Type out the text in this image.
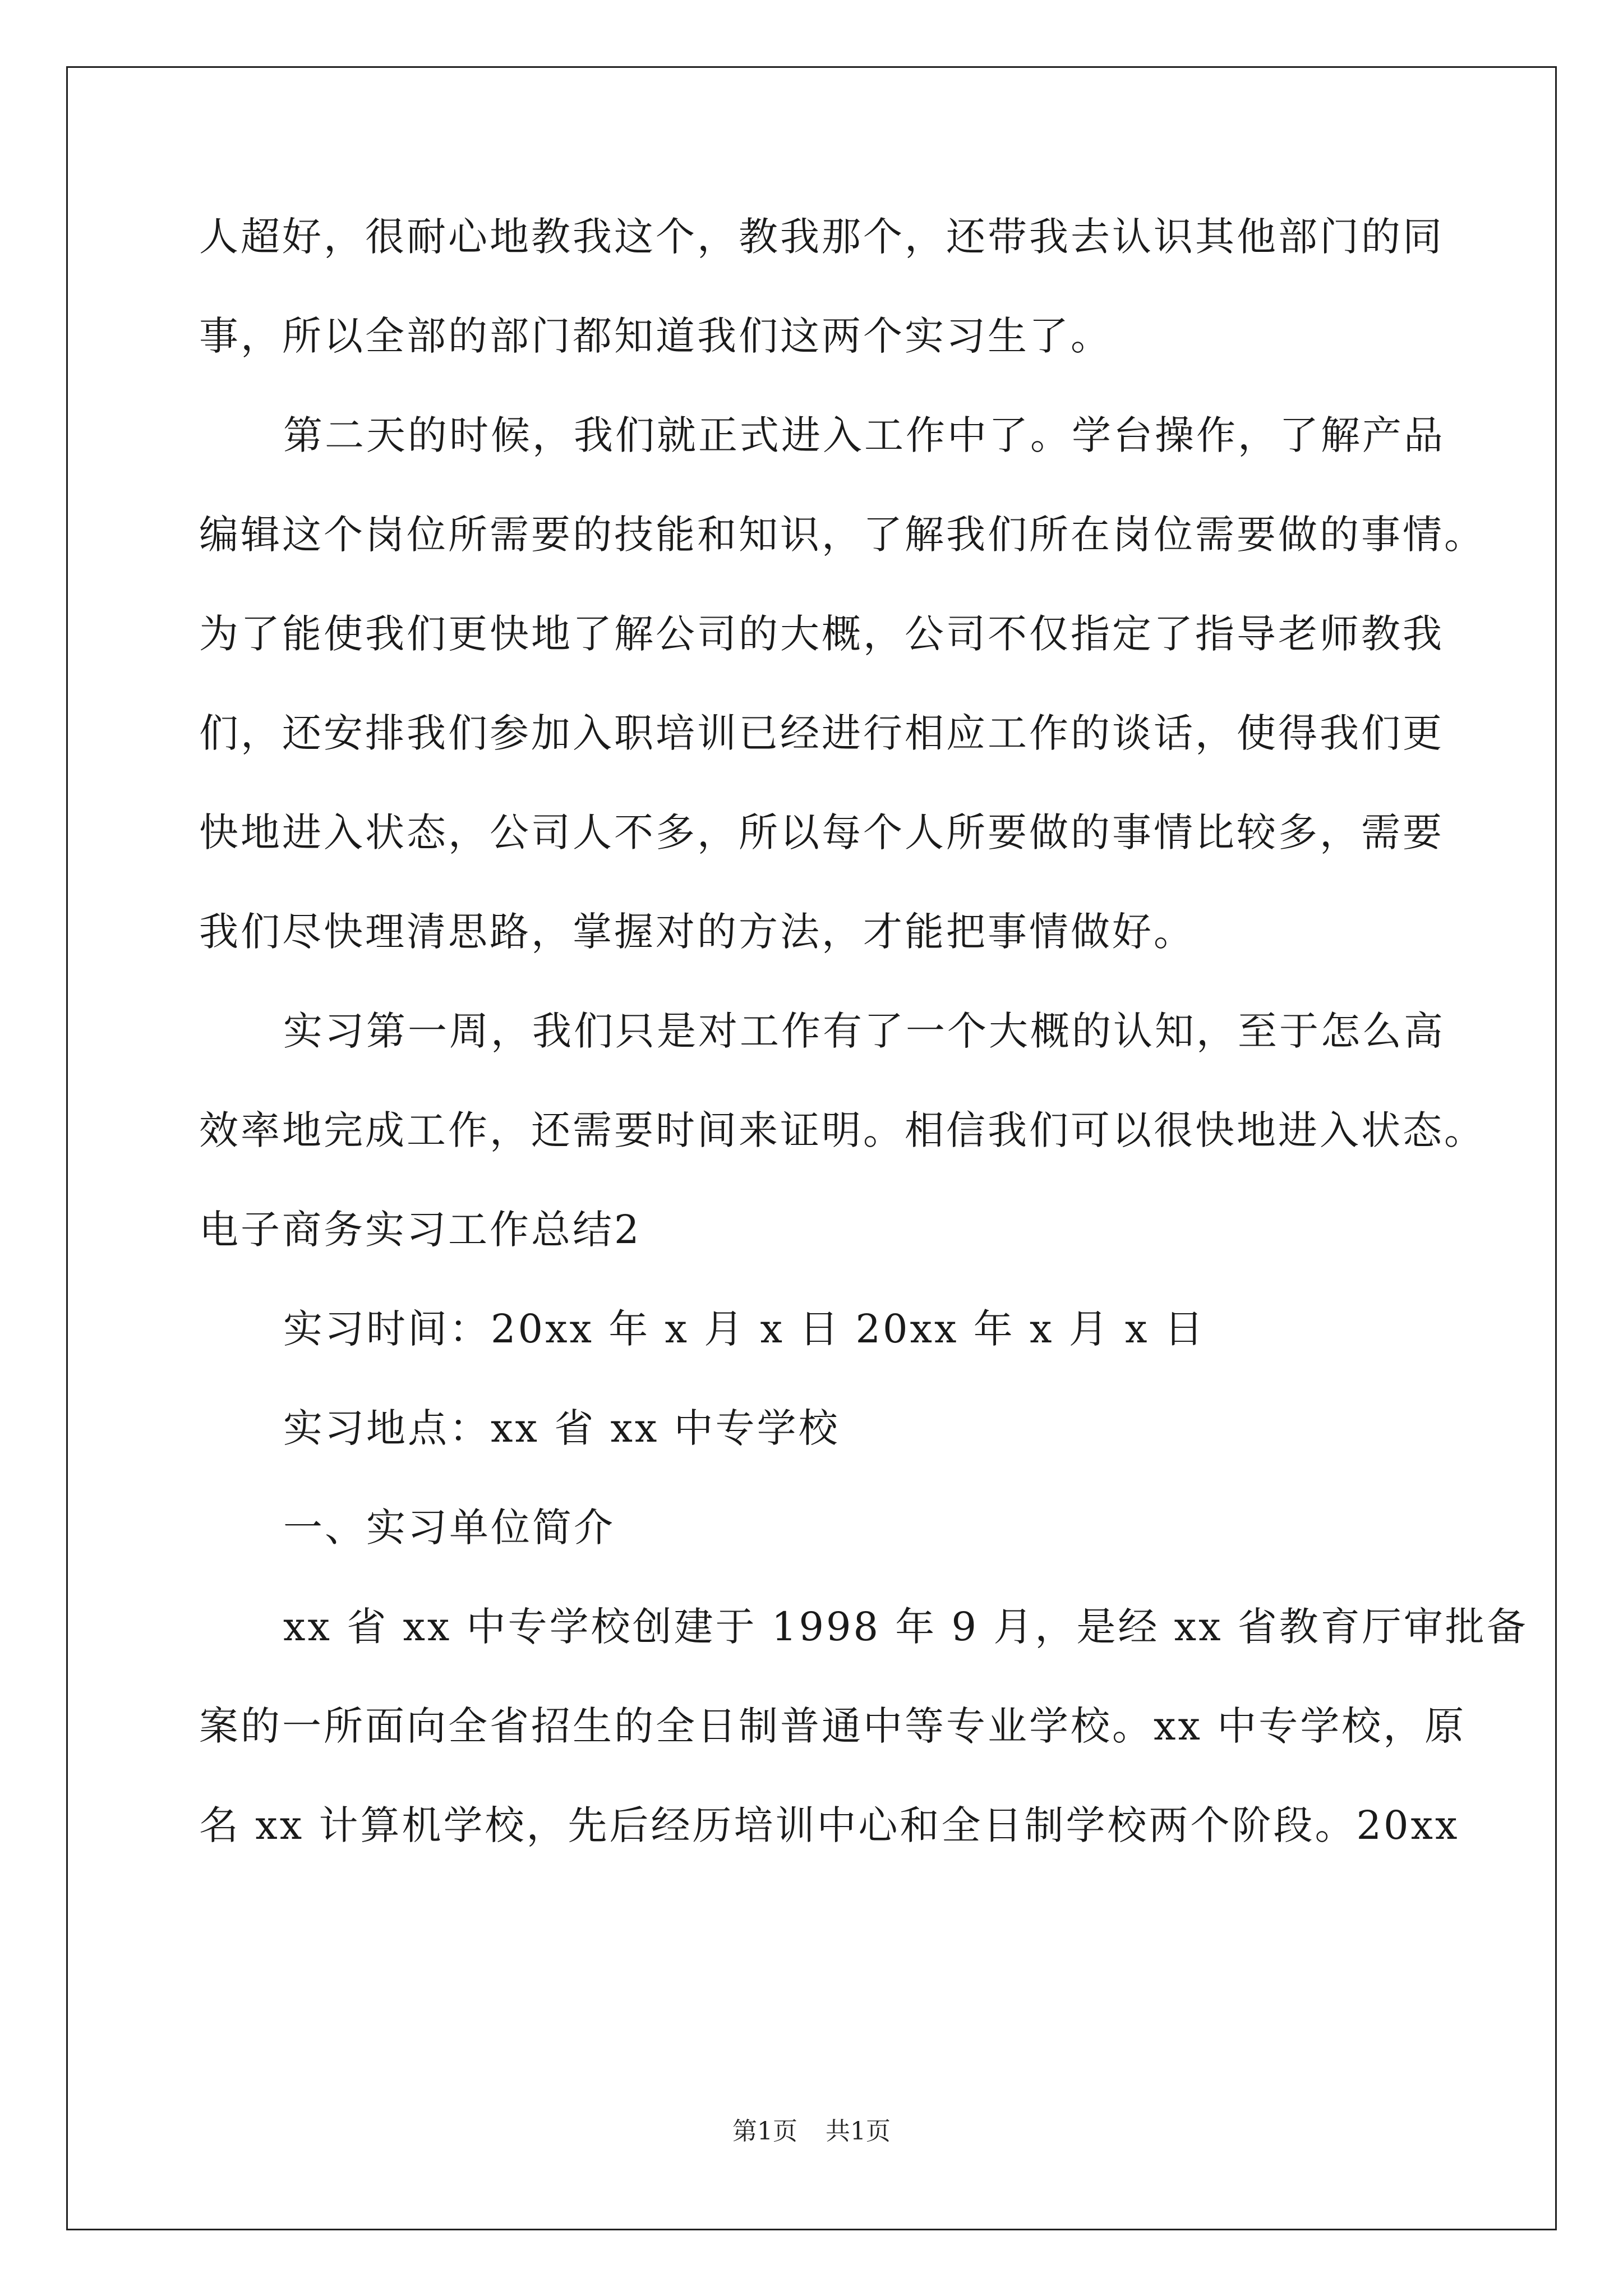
人超好，很耐心地教我这个，教我那个，还带我去认识其他部门的同
事，所以全部的部门都知道我们这两个实习生了。
第二天的时候，我们就正式进入工作中了。学台操作，了解产品
编辑这个岗位所需要的技能和知识，了解我们所在岗位需要做的事情。
为了能使我们更快地了解公司的大概，公司不仅指定了指导老师教我
们，还安排我们参加入职培训已经进行相应工作的谈话，使得我们更
快地进入状态，公司人不多，所以每个人所要做的事情比较多，需要
我们尽快理清思路，掌握对的方法，才能把事情做好。
实习第一周，我们只是对工作有了一个大概的认知，至于怎么高
效率地完成工作，还需要时间来证明。相信我们可以很快地进入状态。
电子商务实习工作总结2
实习时间：20xx 年 x 月 x 日 20xx 年 x 月 x 日
实习地点：xx 省 xx 中专学校
一、实习单位简介
xx 省 xx 中专学校创建于 1998 年 9 月，是经 xx 省教育厅审批备
案的一所面向全省招生的全日制普通中等专业学校。xx 中专学校，原
名 xx 计算机学校，先后经历培训中心和全日制学校两个阶段。20xx
第1页 共1页
